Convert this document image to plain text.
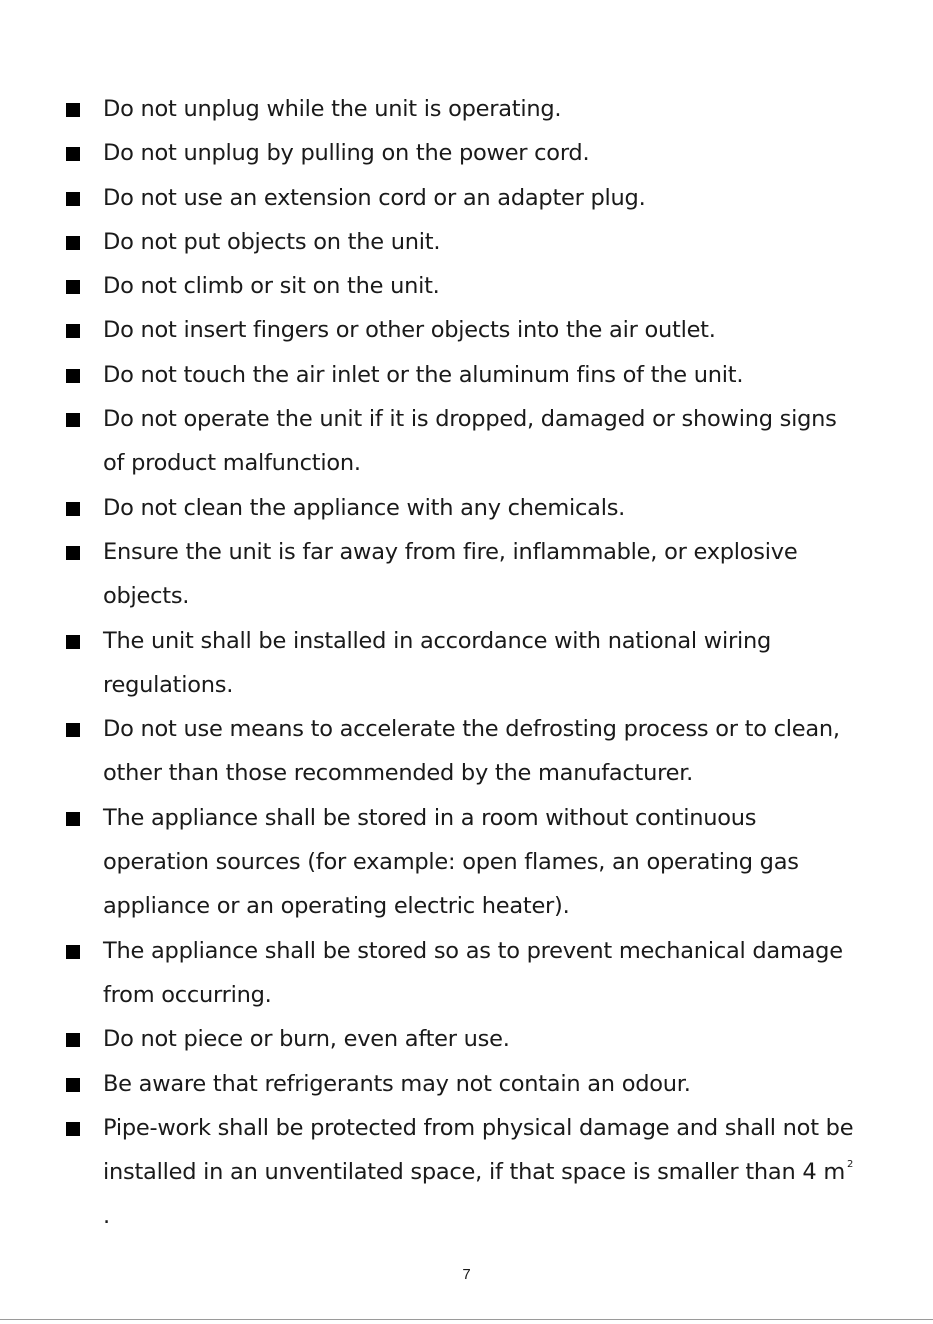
Do not unplug while the unit is operating.
Do not unplug by pulling on the power cord.
Do not use an extension cord or an adapter plug.
Do not put objects on the unit.
Do not climb or sit on the unit.
Do not insert fingers or other objects into the air outlet.
Do not touch the air inlet or the aluminum fins of the unit.
Do not operate the unit if it is dropped, damaged or showing signs of product malfunction.
Do not clean the appliance with any chemicals.
Ensure the unit is far away from fire, inflammable, or explosive objects.
The unit shall be installed in accordance with national wiring regulations.
Do not use means to accelerate the defrosting process or to clean, other than those recommended by the manufacturer.
The appliance shall be stored in a room without continuous operation sources (for example: open flames, an operating gas appliance or an operating electric heater).
The appliance shall be stored so as to prevent mechanical damage from occurring.
Do not piece or burn, even after use.
Be aware that refrigerants may not contain an odour.
Pipe-work shall be protected from physical damage and shall not be installed in an unventilated space, if that space is smaller than 4 m $^2$ .
7
